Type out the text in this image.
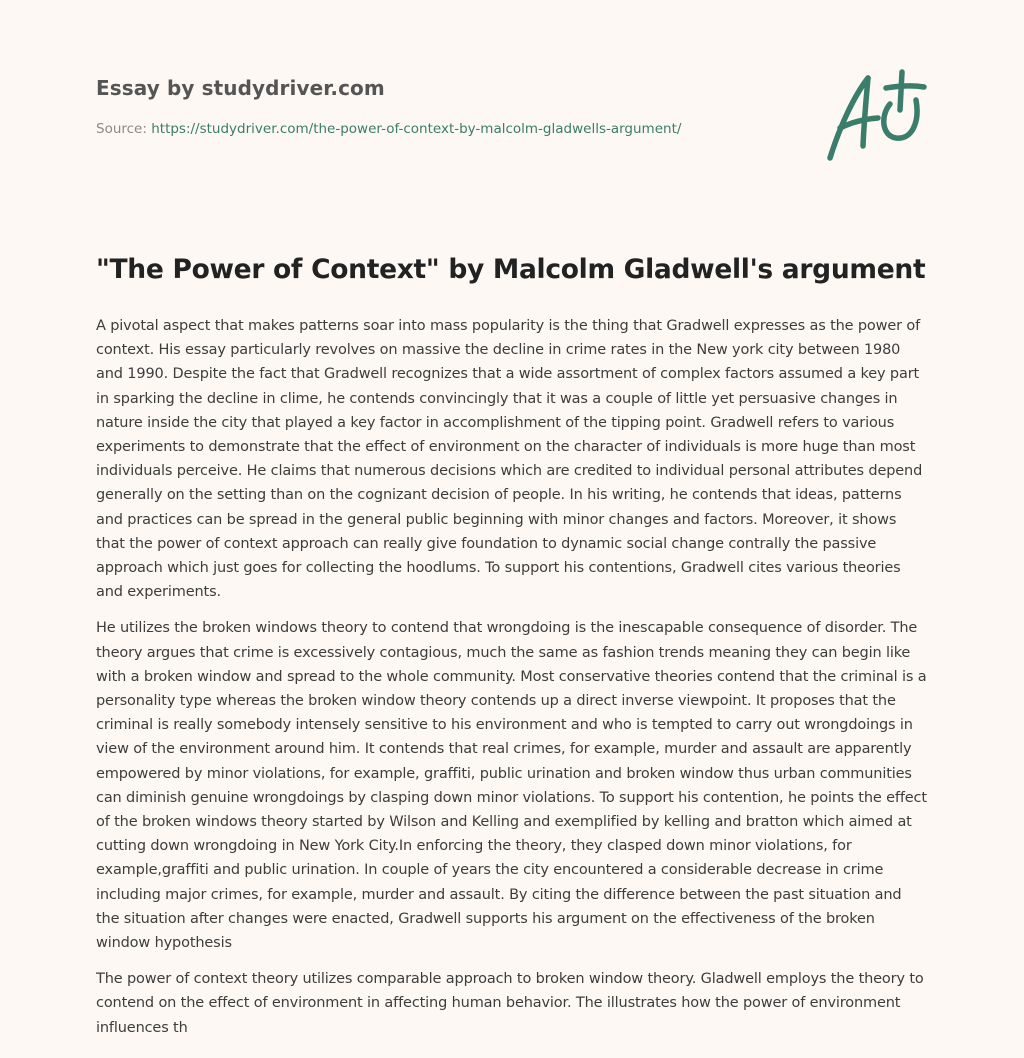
Essay by studydriver.com
Source: https://studydriver.com/the-power-of-context-by-malcolm-gladwells-argument/
"The Power of Context" by Malcolm Gladwell's argument

A pivotal aspect that makes patterns soar into mass popularity is the thing that Gradwell expresses as the power of context. His essay particularly revolves on massive the decline in crime rates in the New york city between 1980 and 1990. Despite the fact that Gradwell recognizes that a wide assortment of complex factors assumed a key part in sparking the decline in clime, he contends convincingly that it was a couple of little yet persuasive changes in nature inside the city that played a key factor in accomplishment of the tipping point. Gradwell refers to various experiments to demonstrate that the effect of environment on the character of individuals is more huge than most individuals perceive. He claims that numerous decisions which are credited to individual personal attributes depend generally on the setting than on the cognizant decision of people. In his writing, he contends that ideas, patterns and practices can be spread in the general public beginning with minor changes and factors. Moreover, it shows that the power of context approach can really give foundation to dynamic social change contrally the passive approach which just goes for collecting the hoodlums. To support his contentions, Gradwell cites various theories and experiments.

He utilizes the broken windows theory to contend that wrongdoing is the inescapable consequence of disorder. The theory argues that crime is excessively contagious, much the same as fashion trends meaning they can begin like with a broken window and spread to the whole community. Most conservative theories contend that the criminal is a personality type whereas the broken window theory contends up a direct inverse viewpoint. It proposes that the criminal is really somebody intensely sensitive to his environment and who is tempted to carry out wrongdoings in view of the environment around him. It contends that real crimes, for example, murder and assault are apparently empowered by minor violations, for example, graffiti, public urination and broken window thus urban communities can diminish genuine wrongdoings by clasping down minor violations. To support his contention, he points the effect of the broken windows theory started by Wilson and Kelling and exemplified by kelling and bratton which aimed at cutting down wrongdoing in New York City.In enforcing the theory, they clasped down minor violations, for example,graffiti and public urination. In couple of years the city encountered a considerable decrease in crime including major crimes, for example, murder and assault. By citing the difference between the past situation and the situation after changes were enacted, Gradwell supports his argument on the effectiveness of the broken window hypothesis

The power of context theory utilizes comparable approach to broken window theory. Gladwell employs the theory to contend on the effect of environment in affecting human behavior. The illustrates how the power of environment influences th
